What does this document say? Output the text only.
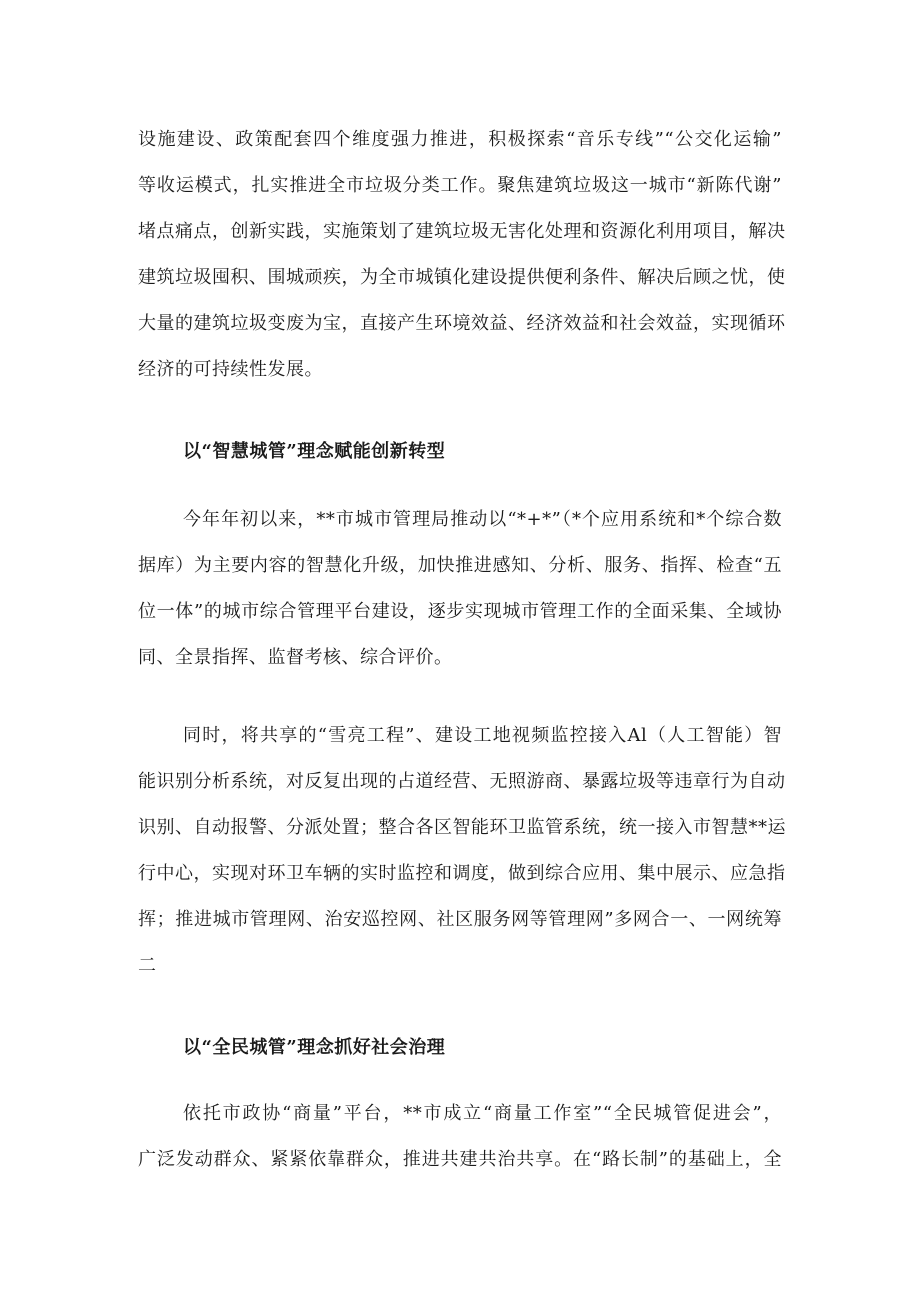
设施建设、政策配套四个维度强力推进，积极探索“音乐专线”“公交化运输”
等收运模式，扎实推进全市垃圾分类工作。聚焦建筑垃圾这一城市“新陈代谢”
堵点痛点，创新实践，实施策划了建筑垃圾无害化处理和资源化利用项目，解决
建筑垃圾囤积、围城顽疾，为全市城镇化建设提供便利条件、解决后顾之忧，使
大量的建筑垃圾变废为宝，直接产生环境效益、经济效益和社会效益，实现循环
经济的可持续性发展。
以“智慧城管”理念赋能创新转型
今年年初以来，**市城市管理局推动以“*+*”（*个应用系统和*个综合数
据库）为主要内容的智慧化升级，加快推进感知、分析、服务、指挥、检查“五
位一体”的城市综合管理平台建设，逐步实现城市管理工作的全面采集、全域协
同、全景指挥、监督考核、综合评价。
同时，将共享的“雪亮工程”、建设工地视频监控接入Al（人工智能）智
能识别分析系统，对反复出现的占道经营、无照游商、暴露垃圾等违章行为自动
识别、自动报警、分派处置；整合各区智能环卫监管系统，统一接入市智慧**运
行中心，实现对环卫车辆的实时监控和调度，做到综合应用、集中展示、应急指
挥；推进城市管理网、治安巡控网、社区服务网等管理网”多网合一、一网统筹
二
以“全民城管”理念抓好社会治理
依托市政协“商量”平台，**市成立“商量工作室”“全民城管促进会”，
广泛发动群众、紧紧依靠群众，推进共建共治共享。在“路长制”的基础上，全
